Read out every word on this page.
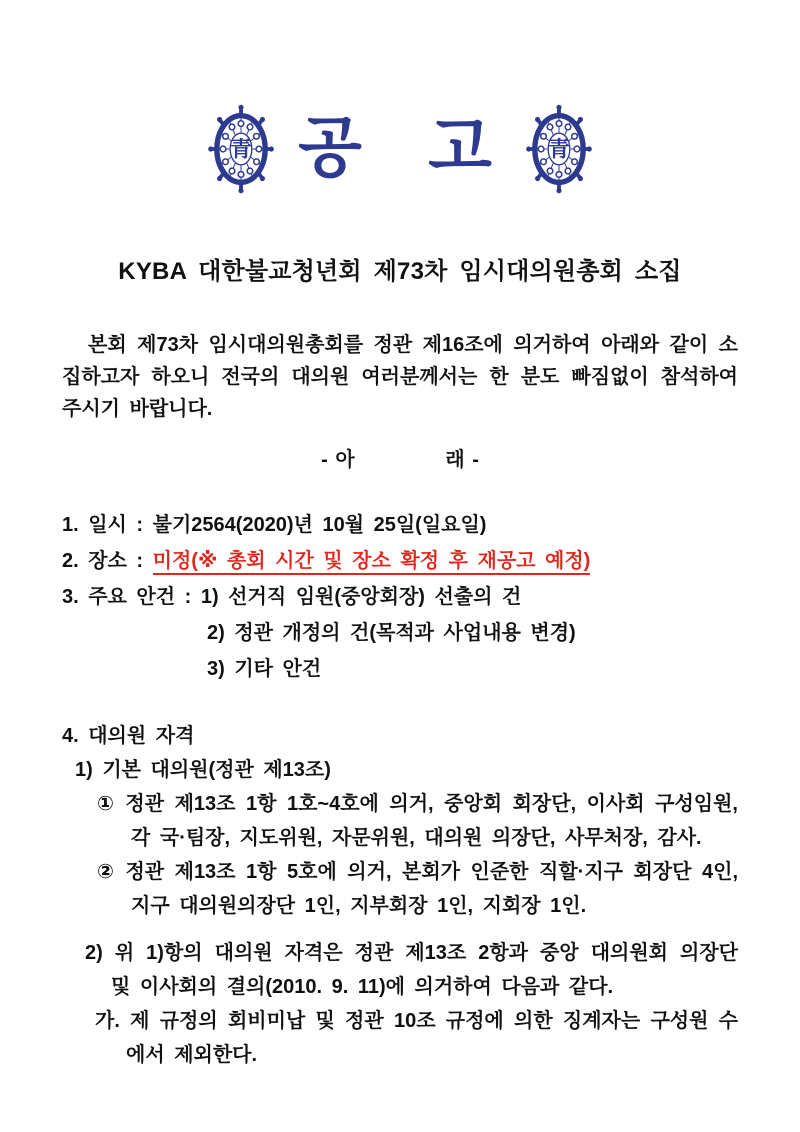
青 공 고 青
KYBA 대한불교청년회 제73차 임시대의원총회 소집

본회 제73차 임시대의원총회를 정관 제16조에 의거하여 아래와 같이 소집하고자 하오니 전국의 대의원 여러분께서는 한 분도 빠짐없이 참석하여 주시기 바랍니다.

- 아            래 -
1. 일시 : 불기2564(2020)년 10월 25일(일요일)
2. 장소 : 미정(※ 총회 시간 및 장소 확정 후 재공고 예정)
3. 주요 안건 : 1) 선거직 임원(중앙회장) 선출의 건
2) 정관 개정의 건(목적과 사업내용 변경)
3) 기타 안건
4. 대의원 자격
1) 기본 대의원(정관 제13조)
① 정관 제13조 1항 1호~4호에 의거, 중앙회 회장단, 이사회 구성임원, 각 국·팀장, 지도위원, 자문위원, 대의원 의장단, 사무처장, 감사.
② 정관 제13조 1항 5호에 의거, 본회가 인준한 직할·지구 회장단 4인, 지구 대의원의장단 1인, 지부회장 1인, 지회장 1인.
2) 위 1)항의 대의원 자격은 정관 제13조 2항과 중앙 대의원회 의장단 및 이사회의 결의(2010. 9. 11)에 의거하여 다음과 같다.
가. 제 규정의 회비미납 및 정관 10조 규정에 의한 징계자는 구성원 수에서 제외한다.
